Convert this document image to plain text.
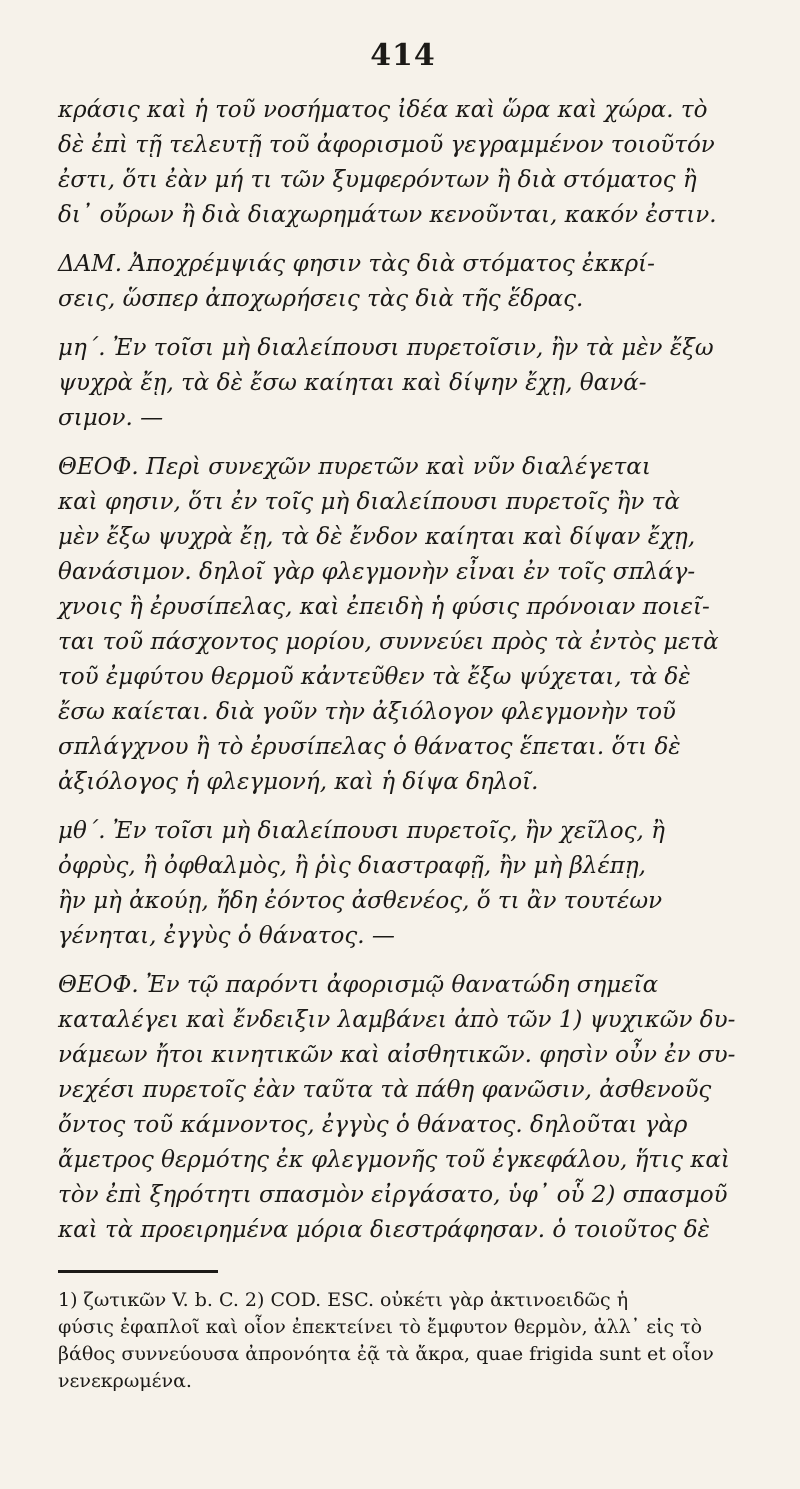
414
κράσις καὶ ἡ τοῦ νοσήματος ἰδέα καὶ ὥρα καὶ χώρα. τὸ
δὲ ἐπὶ τῇ τελευτῇ τοῦ ἀφορισμοῦ γεγραμμένον τοιοῦτόν
ἐστι, ὅτι ἐὰν μή τι τῶν ξυμφερόντων ἢ διὰ στόματος ἢ
δι᾽ οὔρων ἢ διὰ διαχωρημάτων κενοῦνται, κακόν ἐστιν.
ΔΑΜ. Ἀποχρέμψιάς φησιν τὰς διὰ στόματος ἐκκρί-
σεις, ὥσπερ ἀποχωρήσεις τὰς διὰ τῆς ἕδρας.
μη΄. Ἐν τοῖσι μὴ διαλείπουσι πυρετοῖσιν, ἢν τὰ μὲν ἔξω
ψυχρὰ ἔῃ, τὰ δὲ ἔσω καίηται καὶ δίψην ἔχῃ, θανά-
σιμον. —
ΘΕΟΦ. Περὶ συνεχῶν πυρετῶν καὶ νῦν διαλέγεται
καὶ φησιν, ὅτι ἐν τοῖς μὴ διαλείπουσι πυρετοῖς ἢν τὰ
μὲν ἔξω ψυχρὰ ἔῃ, τὰ δὲ ἔνδον καίηται καὶ δίψαν ἔχῃ,
θανάσιμον. δηλοῖ γὰρ φλεγμονὴν εἶναι ἐν τοῖς σπλάγ-
χνοις ἢ ἐρυσίπελας, καὶ ἐπειδὴ ἡ φύσις πρόνοιαν ποιεῖ-
ται τοῦ πάσχοντος μορίου, συννεύει πρὸς τὰ ἐντὸς μετὰ
τοῦ ἐμφύτου θερμοῦ κἀντεῦθεν τὰ ἔξω ψύχεται, τὰ δὲ
ἔσω καίεται. διὰ γοῦν τὴν ἀξιόλογον φλεγμονὴν τοῦ
σπλάγχνου ἢ τὸ ἐρυσίπελας ὁ θάνατος ἕπεται. ὅτι δὲ
ἀξιόλογος ἡ φλεγμονή, καὶ ἡ δίψα δηλοῖ.
μθ΄. Ἐν τοῖσι μὴ διαλείπουσι πυρετοῖς, ἢν χεῖλος, ἢ
ὀφρὺς, ἢ ὀφθαλμὸς, ἢ ῥὶς διαστραφῇ, ἢν μὴ βλέπῃ,
ἢν μὴ ἀκούῃ, ἤδη ἐόντος ἀσθενέος, ὅ τι ἂν τουτέων
γένηται, ἐγγὺς ὁ θάνατος. —
ΘΕΟΦ. Ἐν τῷ παρόντι ἀφορισμῷ θανατώδη σημεῖα
καταλέγει καὶ ἔνδειξιν λαμβάνει ἀπὸ τῶν 1) ψυχικῶν δυ-
νάμεων ἤτοι κινητικῶν καὶ αἰσθητικῶν. φησὶν οὖν ἐν συ-
νεχέσι πυρετοῖς ἐὰν ταῦτα τὰ πάθη φανῶσιν, ἀσθενοῦς
ὄντος τοῦ κάμνοντος, ἐγγὺς ὁ θάνατος. δηλοῦται γὰρ
ἄμετρος θερμότης ἐκ φλεγμονῆς τοῦ ἐγκεφάλου, ἥτις καὶ
τὸν ἐπὶ ξηρότητι σπασμὸν εἰργάσατο, ὑφ᾽ οὗ 2) σπασμοῦ
καὶ τὰ προειρημένα μόρια διεστράφησαν. ὁ τοιοῦτος δὲ
1) ζωτικῶν V. b. C. 2) COD. ESC. οὐκέτι γὰρ ἀκτινοειδῶς ἡ
φύσις ἐφαπλοῖ καὶ οἷον ἐπεκτείνει τὸ ἔμφυτον θερμὸν, ἀλλ᾽ εἰς τὸ
βάθος συννεύουσα ἀπρονόητα ἐᾷ τὰ ἄκρα, quae frigida sunt et οἷον
νενεκρωμένα.
